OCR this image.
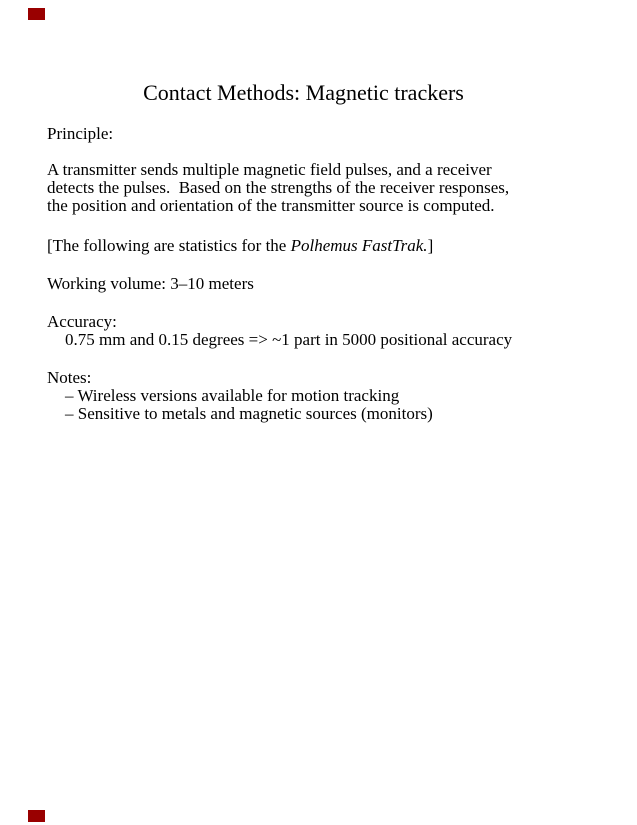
Contact Methods: Magnetic trackers

Principle:

A transmitter sends multiple magnetic field pulses, and a receiver
detects the pulses.  Based on the strengths of the receiver responses,
the position and orientation of the transmitter source is computed.

[The following are statistics for the Polhemus FastTrak.]

Working volume: 3–10 meters

Accuracy:
0.75 mm and 0.15 degrees => ~1 part in 5000 positional accuracy

Notes:
– Wireless versions available for motion tracking
– Sensitive to metals and magnetic sources (monitors)
